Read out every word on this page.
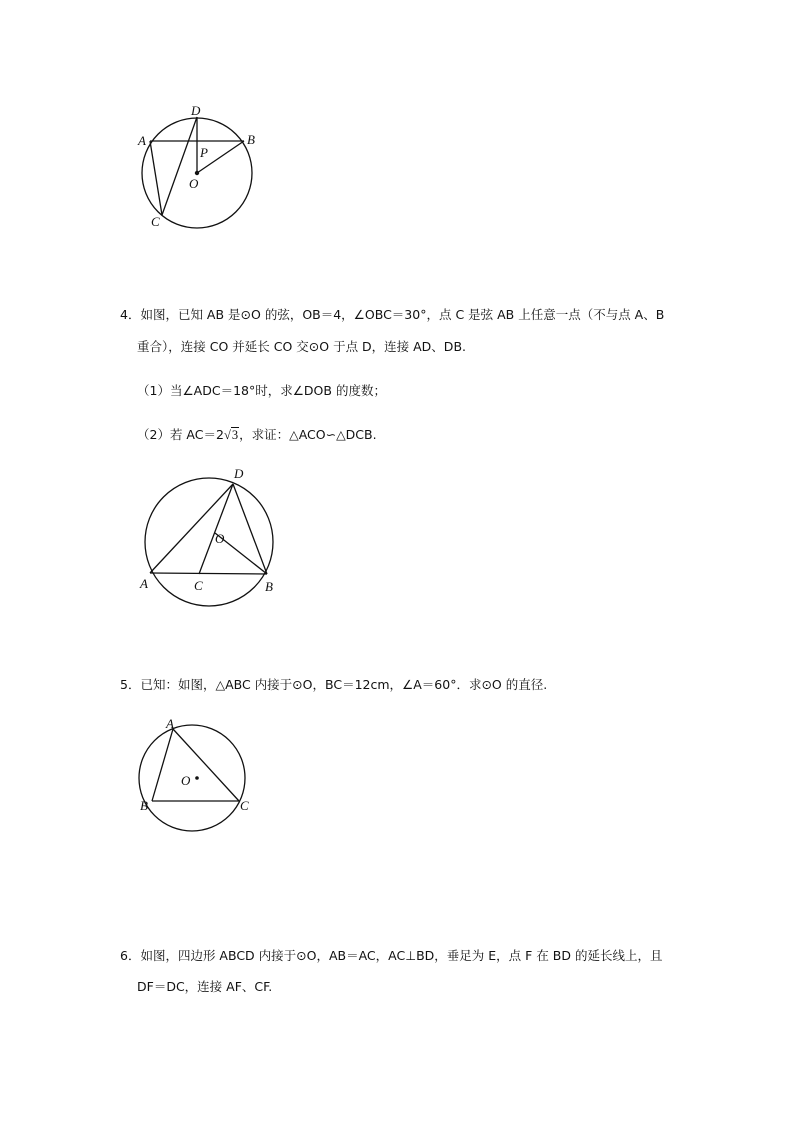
A	B
C
D
O
P
4．如图，已知 AB 是⊙O 的弦，OB＝4，∠OBC＝30°，点 C 是弦 AB 上任意一点（不与点 A、B
重合），连接 CO 并延长 CO 交⊙O 于点 D，连接 AD、DB.
（1）当∠ADC＝18°时，求∠DOB 的度数；
（2）若 AC＝2√3，求证：△ACO∽△DCB.
A	B
C
D
O
5．已知：如图，△ABC 内接于⊙O，BC＝12cm，∠A＝60°．求⊙O 的直径.
A
B	C
O
6．如图，四边形 ABCD 内接于⊙O，AB＝AC，AC⊥BD，垂足为 E，点 F 在 BD 的延长线上，且
DF＝DC，连接 AF、CF.
